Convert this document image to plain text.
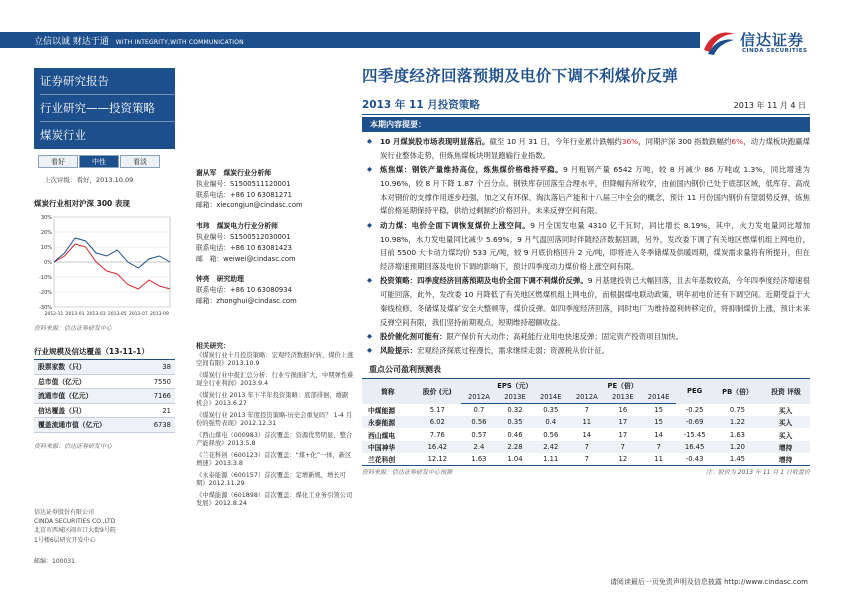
立信以诚 财达于通 WITH INTEGRITY,WITH COMMUNICATION	信达证券
CINDA SECURITIES
证券研究报告
行业研究——投资策略
煤炭行业
看好	中性	看淡
上次评级：看好，2013.10.09
煤炭行业相对沪深 300 表现
-30%
-20%
-10%
0%
10%
20%
30%
2012-11 2013-01 2013-03 2013-05 2013-07 2013-09
资料来源：信达证券研发中心
行业规模及信达覆盖（13-11-1）
股票家数（只）	38
总市值（亿元）	7550
流通市值（亿元）	7166
信达覆盖（只）	21
覆盖流通市值（亿元）	6738
资料来源：信达证券研发中心
信达证券股份有限公司
CINDA SECURITIES CO.,LTD
北京市西城区闹市口大街9号院
1号楼6层研究开发中心
邮编：100031
谢从军 煤炭行业分析师
执业编号：S1500511120001
联系电话：+86 10 63081271
邮箱：xiecongjun@cindasc.com
韦玮 煤炭电力行业分析师
执业编号：S1500512030001
联系电话：+86 10 63081423
邮　箱：weiwei@cindasc.com
钟亮 研究助理
联系电话：+86 10 63080934
邮箱：zhonghui@cindasc.com
相关研究：
《煤炭行业十月投资策略：宏观经济数据好转，煤价上涨空间有限》2013.10.9
《煤炭行业中报汇总分析：行业亏损面扩大，中期弹性难现全行业利润》2013.9.4
《煤炭行业 2013 年下半年投资策略：底部徘徊，雄踞机会》2013.6.27
《煤炭行业 2013 年度投资策略-历史会重复吗？ 1-4 月份的强势表现》2012.12.31
《西山煤电（000983）首次覆盖：资源优势明显，整合产能释放》2013.5.8
《兰花科创（600123）首次覆盖：“煤+化”一体，新区增速》2013.3.8
《永泰能源（600157）首次覆盖：定增新规，增长可期》2012.11.29
《中煤能源（601898）首次覆盖：煤化工业务引领公司发展》2012.8.24
四季度经济回落预期及电价下调不利煤价反弹
2013 年 11 月投资策略	2013 年 11 月 4 日
本期内容提要：
◆ 10 月煤炭股市场表现明显落后。截至 10 月 31 日，今年行业累计跌幅约36%，同期沪深 300 指数跌幅约6%，动力煤板块跑赢煤炭行业整体走势，但炼焦煤板块明显跑输行业指数。
◆ 炼焦煤：钢铁产量维持高位，炼焦煤价格维持平稳。9 月粗钢产量 6542 万吨，较 8 月减少 86 万吨或 1.3%，同比增速为 10.96%，较 8 月下降 1.87 个百分点。钢铁库存回落至合理水平，但降幅有所收窄，由前国内钢价已处于底部区域，低库存、高成本对钢价的支撑作用逐步趋强，加之又有环保、淘汰落后产能和十八届三中全会的概念，预计 11 月份国内钢价有望弱势反弹，炼焦煤价格延期保持平稳，供给过剩制约价格回升，未来反弹空间有限。
◆ 动力煤：电价全面下调恢复煤价上涨空间。9 月全国发电量 4310 亿千瓦时，同比增长 8.19%，其中，火力发电量同比增加 10.98%，水力发电量同比减少 5.69%。9 月气温回落同时伴随经济数据回调，另外，发改委下调了有关地区燃煤机组上网电价，目前 5500 大卡动力煤均价 533 元/吨，较 9 月底价格回升 2 元/吨，即将进入冬季储煤及供暖周期，煤炭需求量将有所提升，但在经济增速预期回落及电价下调的影响下，预计四季度动力煤价格上涨空间有限。
◆ 投资策略：四季度经济回落预期及电价全面下调不利煤价反弹。9 月基建投资已大幅回落，且去年基数较高，今年四季度经济增速很可能回落，此外，发改委 10 月降低了有关地区燃煤机组上网电价，而根据煤电联动政策，明年初电价还有下调空间。近期受益于大秦线检修、冬储煤及煤矿安全大整顿等，煤价反弹。如四季度经济回落，同时电厂为维持盈利转移定价，将抑制煤价上涨，预计未来反弹空间有限，我们坚持前期观点，短期维持超额收益。
◆ 股价催化剂可能有：限产保价有大动作；高耗能行业用电快速反弹；固定资产投资项目加快。
◆ 风险提示：宏观经济探底过程漫长，需求继续走弱；资源税从价计征。
重点公司盈利预测表
简称	股价 (元)	EPS（元）			PE（倍）			PEG	PB（倍）	投资 评级
		2012A	2013E	2014E	2012A	2013E	2014E			
中煤能源	5.17	0.7	0.32	0.35	7	16	15	-0.25	0.75	买入
永泰能源	6.02	0.56	0.35	0.4	11	17	15	-0.69	1.22	买入
西山煤电	7.76	0.57	0.46	0.56	14	17	14	-15.45	1.63	买入
中国神华	16.42	2.4	2.28	2.42	7	7	7	16.45	1.20	增持
兰花科创	12.12	1.63	1.04	1.11	7	12	11	-0.43	1.45	增持
资料来源：信达证券研发中心预测	注：股价为 2013 年 11 月 1 日收盘价
请阅读最后一页免责声明及信息披露 http://www.cindasc.com
